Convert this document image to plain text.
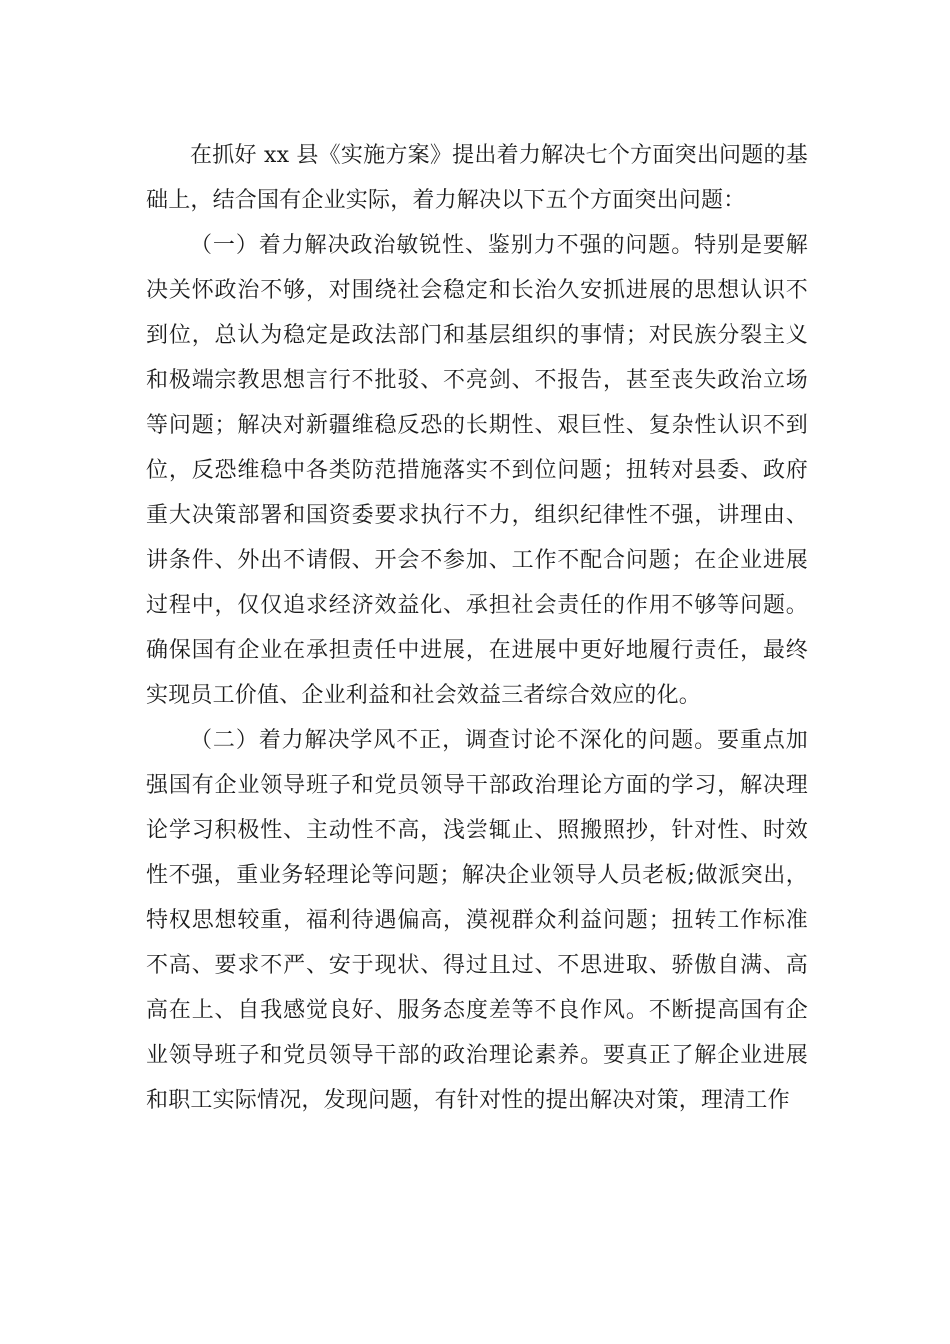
在抓好 xx 县《实施方案》提出着力解决七个方面突出问题的基础上，结合国有企业实际，着力解决以下五个方面突出问题：

（一）着力解决政治敏锐性、鉴别力不强的问题。特别是要解决关怀政治不够，对围绕社会稳定和长治久安抓进展的思想认识不到位，总认为稳定是政法部门和基层组织的事情；对民族分裂主义和极端宗教思想言行不批驳、不亮剑、不报告，甚至丧失政治立场等问题；解决对新疆维稳反恐的长期性、艰巨性、复杂性认识不到位，反恐维稳中各类防范措施落实不到位问题；扭转对县委、政府重大决策部署和国资委要求执行不力，组织纪律性不强，讲理由、讲条件、外出不请假、开会不参加、工作不配合问题；在企业进展过程中，仅仅追求经济效益化、承担社会责任的作用不够等问题。确保国有企业在承担责任中进展，在进展中更好地履行责任，最终实现员工价值、企业利益和社会效益三者综合效应的化。

（二）着力解决学风不正，调查讨论不深化的问题。要重点加强国有企业领导班子和党员领导干部政治理论方面的学习，解决理论学习积极性、主动性不高，浅尝辄止、照搬照抄，针对性、时效性不强，重业务轻理论等问题；解决企业领导人员老板;做派突出，特权思想较重，福利待遇偏高，漠视群众利益问题；扭转工作标准不高、要求不严、安于现状、得过且过、不思进取、骄傲自满、高高在上、自我感觉良好、服务态度差等不良作风。不断提高国有企业领导班子和党员领导干部的政治理论素养。要真正了解企业进展和职工实际情况，发现问题，有针对性的提出解决对策，理清工作
